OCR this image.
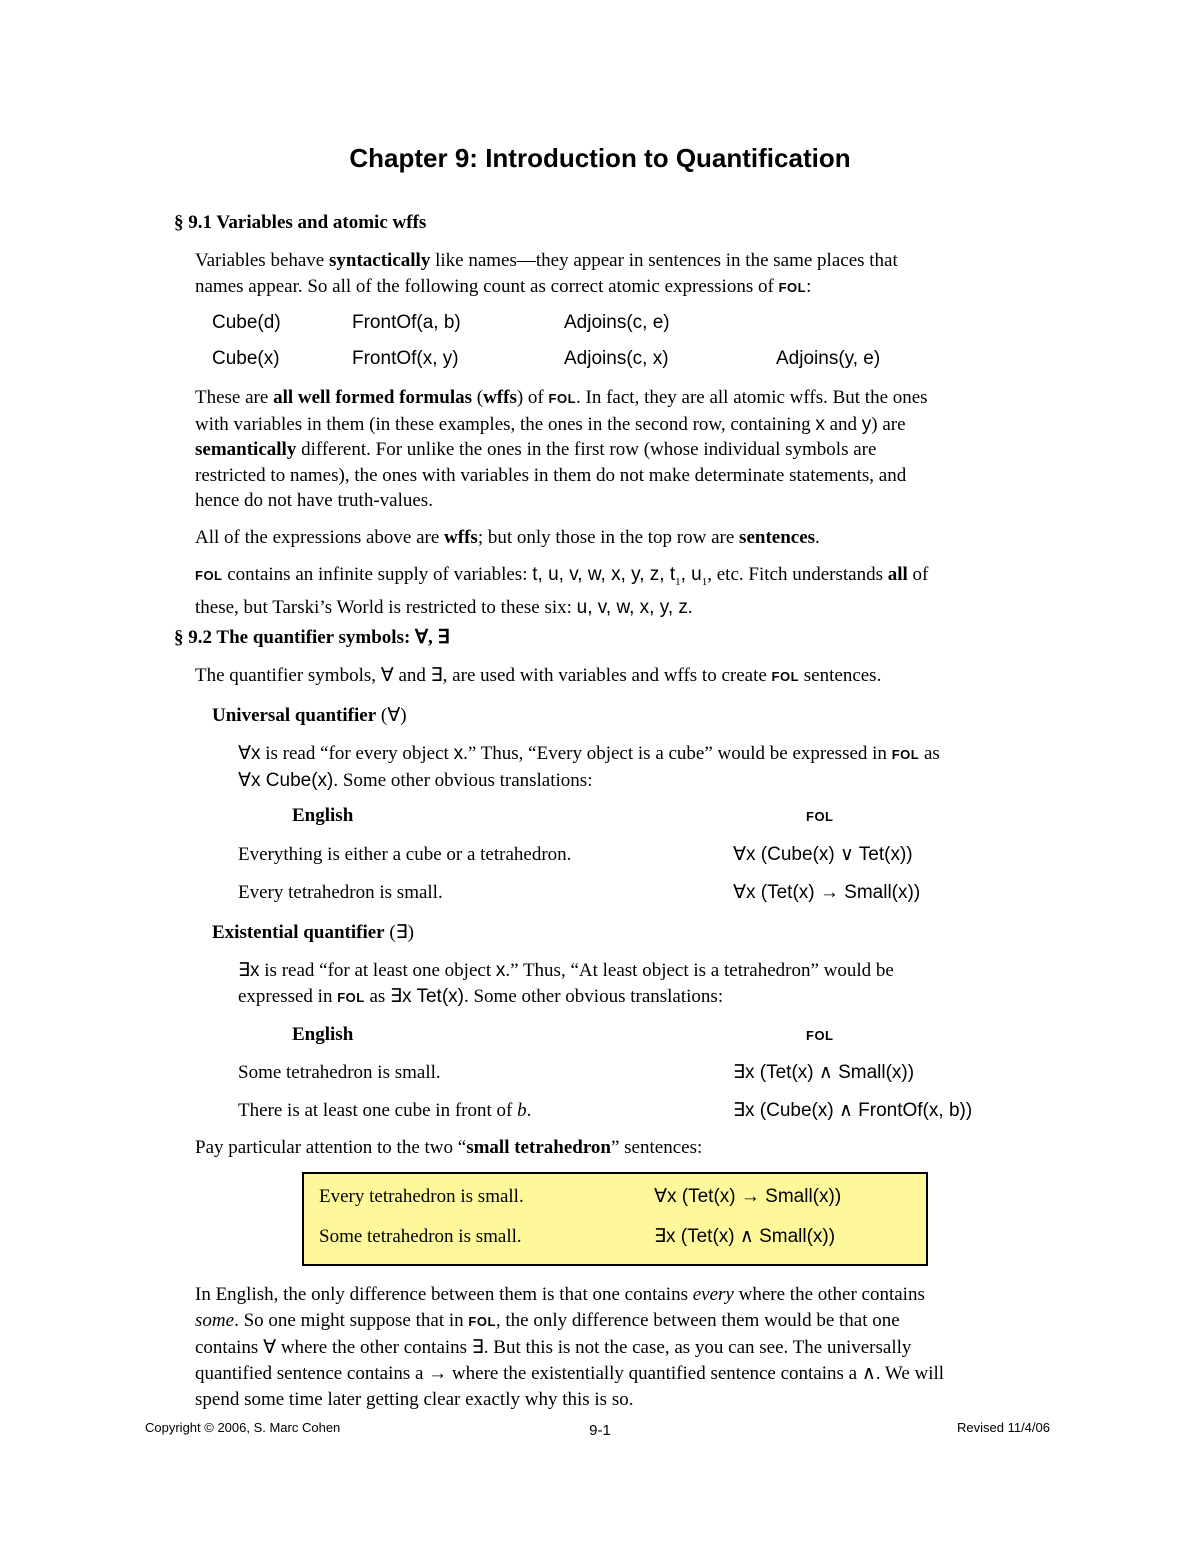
Chapter 9: Introduction to Quantification
§ 9.1 Variables and atomic wffs
Variables behave syntactically like names—they appear in sentences in the same places that
names appear. So all of the following count as correct atomic expressions of FOL:
Cube(d)	FrontOf(a, b)	Adjoins(c, e)
Cube(x)	FrontOf(x, y)	Adjoins(c, x)	Adjoins(y, e)
These are all well formed formulas (wffs) of FOL. In fact, they are all atomic wffs. But the ones
with variables in them (in these examples, the ones in the second row, containing x and y) are
semantically different. For unlike the ones in the first row (whose individual symbols are
restricted to names), the ones with variables in them do not make determinate statements, and
hence do not have truth-values.
All of the expressions above are wffs; but only those in the top row are sentences.
FOL contains an infinite supply of variables: t, u, v, w, x, y, z, $t_1$, $u_1$, etc. Fitch understands all of
these, but Tarski’s World is restricted to these six: u, v, w, x, y, z.
§ 9.2 The quantifier symbols: ∀, ∃
The quantifier symbols, ∀ and ∃, are used with variables and wffs to create FOL sentences.
Universal quantifier (∀)
∀x is read “for every object x.” Thus, “Every object is a cube” would be expressed in FOL as
∀x Cube(x). Some other obvious translations:
English	FOL
Everything is either a cube or a tetrahedron.	∀x (Cube(x) ∨ Tet(x))
Every tetrahedron is small.	∀x (Tet(x) → Small(x))
Existential quantifier (∃)
∃x is read “for at least one object x.” Thus, “At least object is a tetrahedron” would be
expressed in FOL as ∃x Tet(x). Some other obvious translations:
English	FOL
Some tetrahedron is small.	∃x (Tet(x) ∧ Small(x))
There is at least one cube in front of b.	∃x (Cube(x) ∧ FrontOf(x, b))
Pay particular attention to the two “small tetrahedron” sentences:
Every tetrahedron is small.	∀x (Tet(x) → Small(x))
Some tetrahedron is small.	∃x (Tet(x) ∧ Small(x))
In English, the only difference between them is that one contains every where the other contains
some. So one might suppose that in FOL, the only difference between them would be that one
contains ∀ where the other contains ∃. But this is not the case, as you can see. The universally
quantified sentence contains a → where the existentially quantified sentence contains a ∧. We will
spend some time later getting clear exactly why this is so.
Copyright © 2006, S. Marc Cohen	9-1	Revised 11/4/06
